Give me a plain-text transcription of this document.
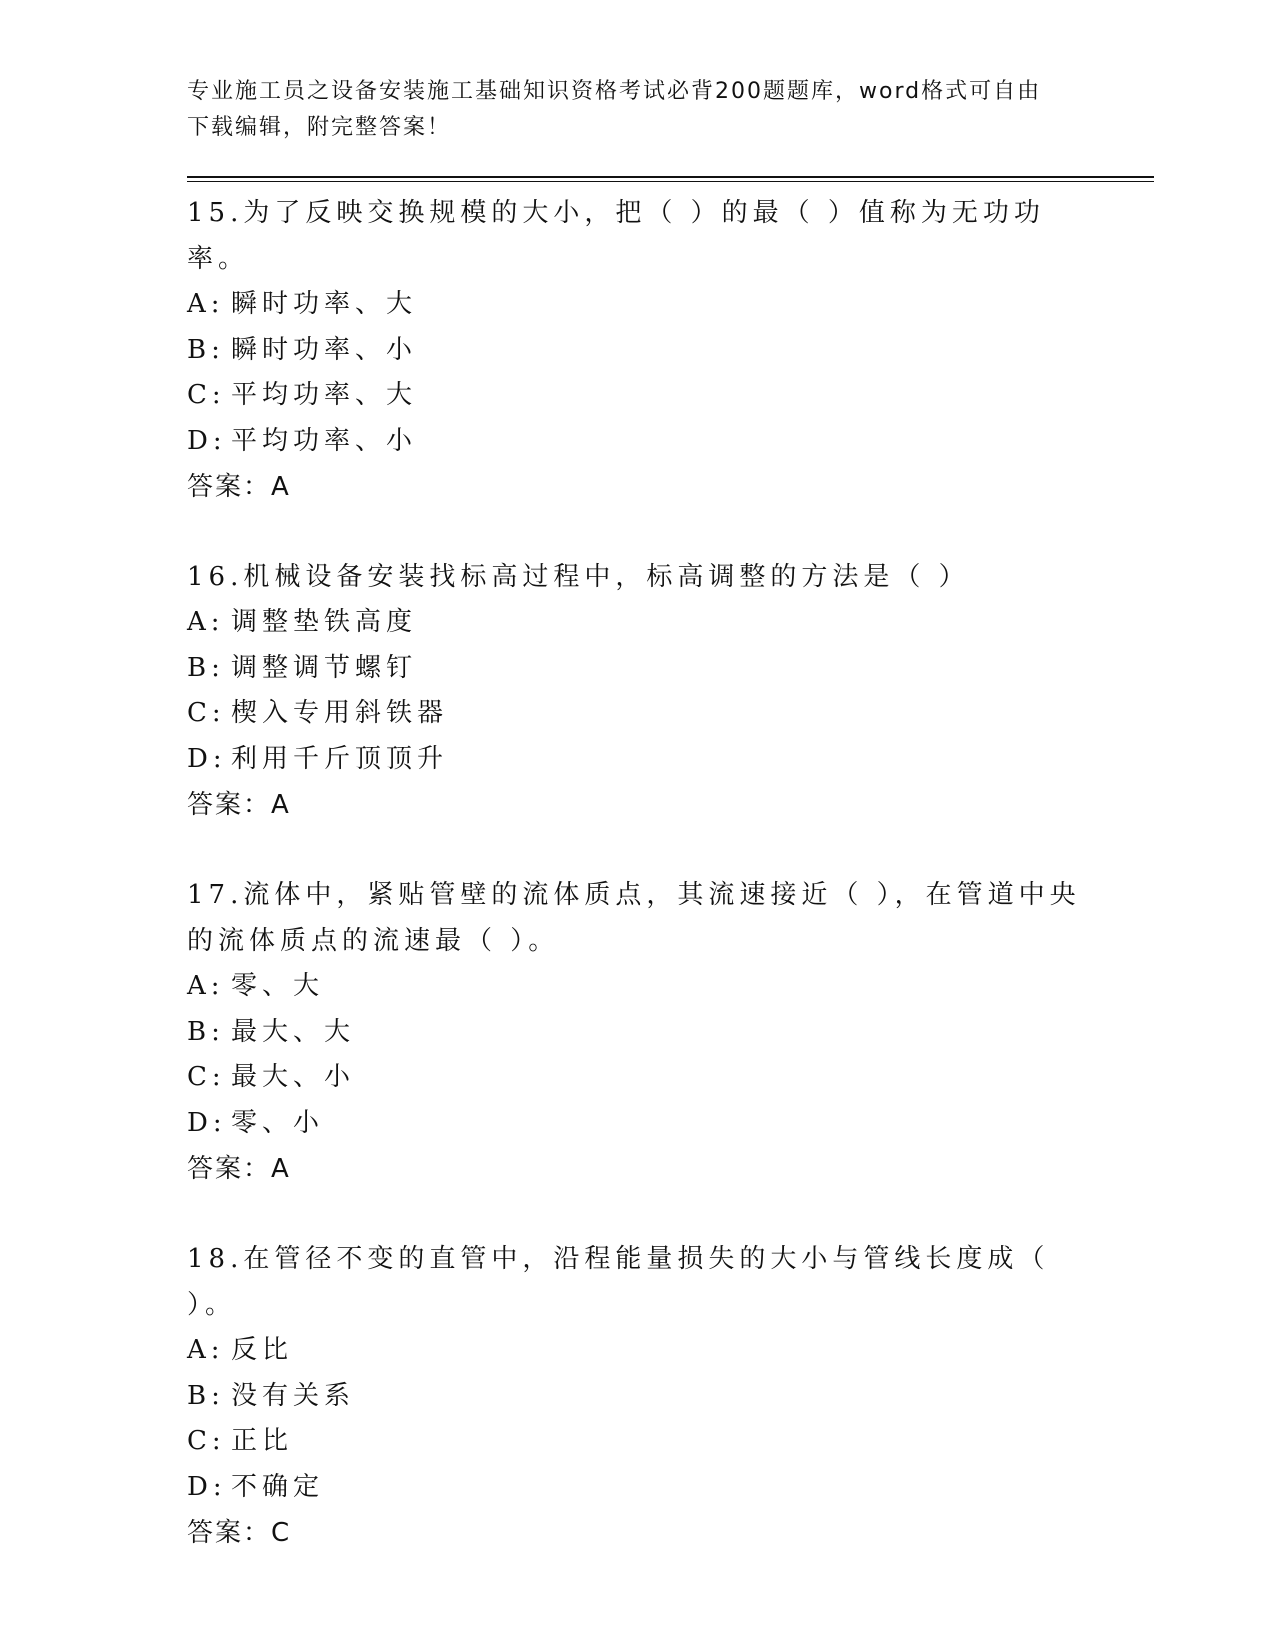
专业施工员之设备安装施工基础知识资格考试必背200题题库，word格式可自由
下载编辑，附完整答案！
15.为了反映交换规模的大小，把（ ）的最（ ）值称为无功功率。
A: 瞬时功率、大
B: 瞬时功率、小
C: 平均功率、大
D: 平均功率、小
答案：A
16.机械设备安装找标高过程中，标高调整的方法是（ ）
A: 调整垫铁高度
B: 调整调节螺钉
C: 楔入专用斜铁器
D: 利用千斤顶顶升
答案：A
17.流体中，紧贴管壁的流体质点，其流速接近（ ），在管道中央的流体质点的流速最（ ）。
A: 零、大
B: 最大、大
C: 最大、小
D: 零、小
答案：A
18.在管径不变的直管中，沿程能量损失的大小与管线长度成（ ）。
A: 反比
B: 没有关系
C: 正比
D: 不确定
答案：C
